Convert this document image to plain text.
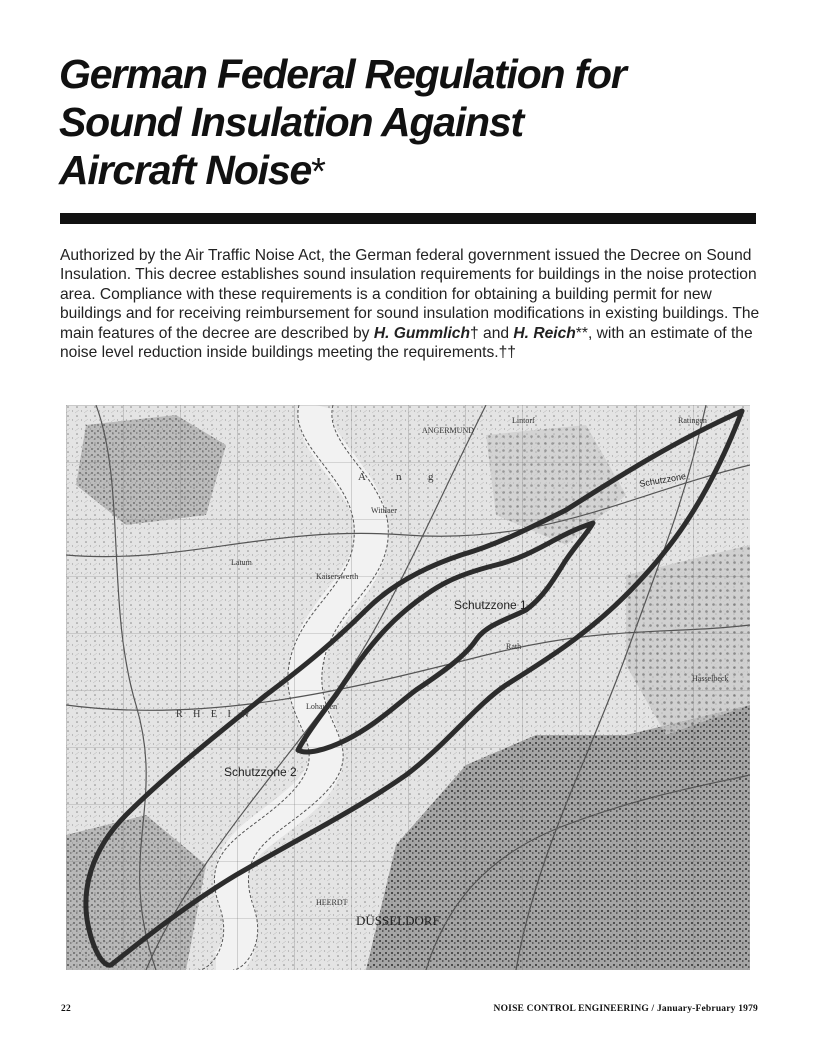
German Federal Regulation for
Sound Insulation Against
Aircraft Noise*

Authorized by the Air Traffic Noise Act, the German federal government issued the Decree on Sound Insulation. This decree establishes sound insulation requirements for buildings in the noise protection area. Compliance with these requirements is a condition for obtaining a building permit for new buildings and for receiving reimbursement for sound insulation modifications in existing buildings. The main features of the decree are described by H. Gummlich† and H. Reich**, with an estimate of the noise level reduction inside buildings meeting the requirements.††

Schutzzone 1
Schutzzone 2
Schutzzone
ANGERMUND
Wittlaer
Kaiserswerth
Lohausen
DÜSSELDORF
Lintorf
Latum
HEERDT
Ratingen
Rath
Hasselbeck
A	n g
R H E I N
22	NOISE CONTROL ENGINEERING / January-February 1979
